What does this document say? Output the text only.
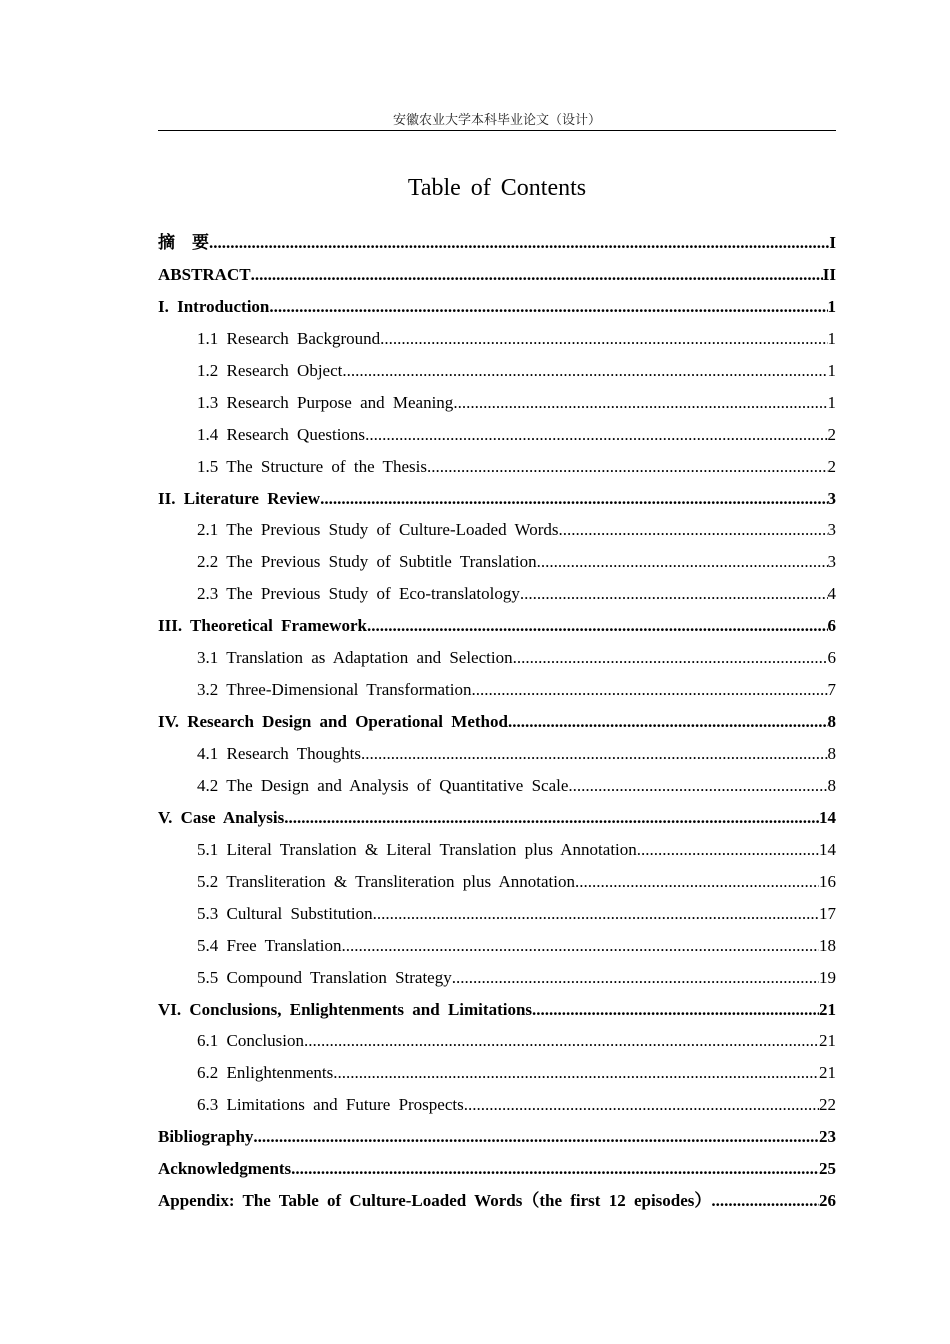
安徽农业大学本科毕业论文（设计）
Table of Contents
摘　要 .....	I
ABSTRACT .....	II
I. Introduction .....	1
1.1 Research Background .....	1
1.2 Research Object .....	1
1.3 Research Purpose and Meaning .....	1
1.4 Research Questions .....	2
1.5 The Structure of the Thesis .....	2
II. Literature Review .....	3
2.1 The Previous Study of Culture-Loaded Words .....	3
2.2 The Previous Study of Subtitle Translation .....	3
2.3 The Previous Study of Eco-translatology .....	4
III. Theoretical Framework .....	6
3.1 Translation as Adaptation and Selection .....	6
3.2 Three-Dimensional Transformation .....	7
IV. Research Design and Operational Method .....	8
4.1 Research Thoughts .....	8
4.2 The Design and Analysis of Quantitative Scale .....	8
V. Case Analysis .....	14
5.1 Literal Translation & Literal Translation plus Annotation .....	14
5.2 Transliteration & Transliteration plus Annotation .....	16
5.3 Cultural Substitution .....	17
5.4 Free Translation .....	18
5.5 Compound Translation Strategy .....	19
VI. Conclusions, Enlightenments and Limitations .....	21
6.1 Conclusion .....	21
6.2 Enlightenments .....	21
6.3 Limitations and Future Prospects .....	22
Bibliography .....	23
Acknowledgments .....	25
Appendix: The Table of Culture-Loaded Words（the first 12 episodes） .....	26
